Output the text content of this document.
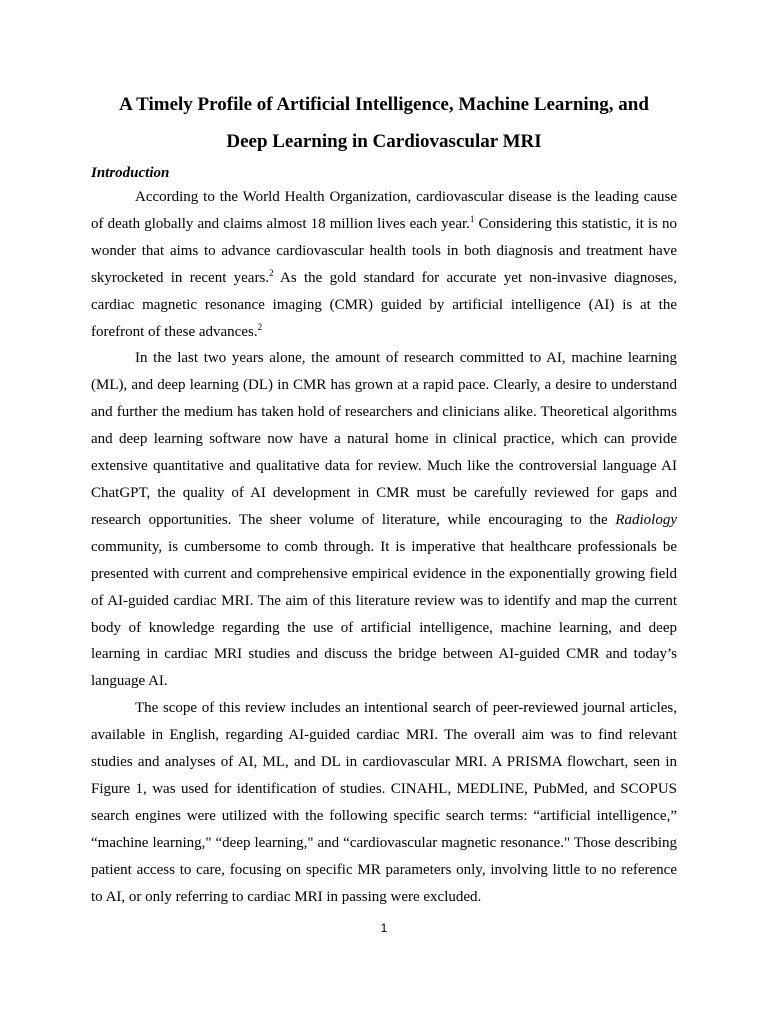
A Timely Profile of Artificial Intelligence, Machine Learning, and
Deep Learning in Cardiovascular MRI
Introduction

According to the World Health Organization, cardiovascular disease is the leading cause of death globally and claims almost 18 million lives each year.$^1$ Considering this statistic, it is no wonder that aims to advance cardiovascular health tools in both diagnosis and treatment have skyrocketed in recent years.$^2$ As the gold standard for accurate yet non-invasive diagnoses, cardiac magnetic resonance imaging (CMR) guided by artificial intelligence (AI) is at the forefront of these advances.$^2$

In the last two years alone, the amount of research committed to AI, machine learning (ML), and deep learning (DL) in CMR has grown at a rapid pace. Clearly, a desire to understand and further the medium has taken hold of researchers and clinicians alike. Theoretical algorithms and deep learning software now have a natural home in clinical practice, which can provide extensive quantitative and qualitative data for review. Much like the controversial language AI ChatGPT, the quality of AI development in CMR must be carefully reviewed for gaps and research opportunities. The sheer volume of literature, while encouraging to the Radiology community, is cumbersome to comb through. It is imperative that healthcare professionals be presented with current and comprehensive empirical evidence in the exponentially growing field of AI-guided cardiac MRI. The aim of this literature review was to identify and map the current body of knowledge regarding the use of artificial intelligence, machine learning, and deep learning in cardiac MRI studies and discuss the bridge between AI-guided CMR and today’s language AI.

The scope of this review includes an intentional search of peer-reviewed journal articles, available in English, regarding AI-guided cardiac MRI. The overall aim was to find relevant studies and analyses of AI, ML, and DL in cardiovascular MRI. A PRISMA flowchart, seen in Figure 1, was used for identification of studies. CINAHL, MEDLINE, PubMed, and SCOPUS search engines were utilized with the following specific search terms: “artificial intelligence,” “machine learning," “deep learning," and “cardiovascular magnetic resonance." Those describing patient access to care, focusing on specific MR parameters only, involving little to no reference to AI, or only referring to cardiac MRI in passing were excluded.

1
